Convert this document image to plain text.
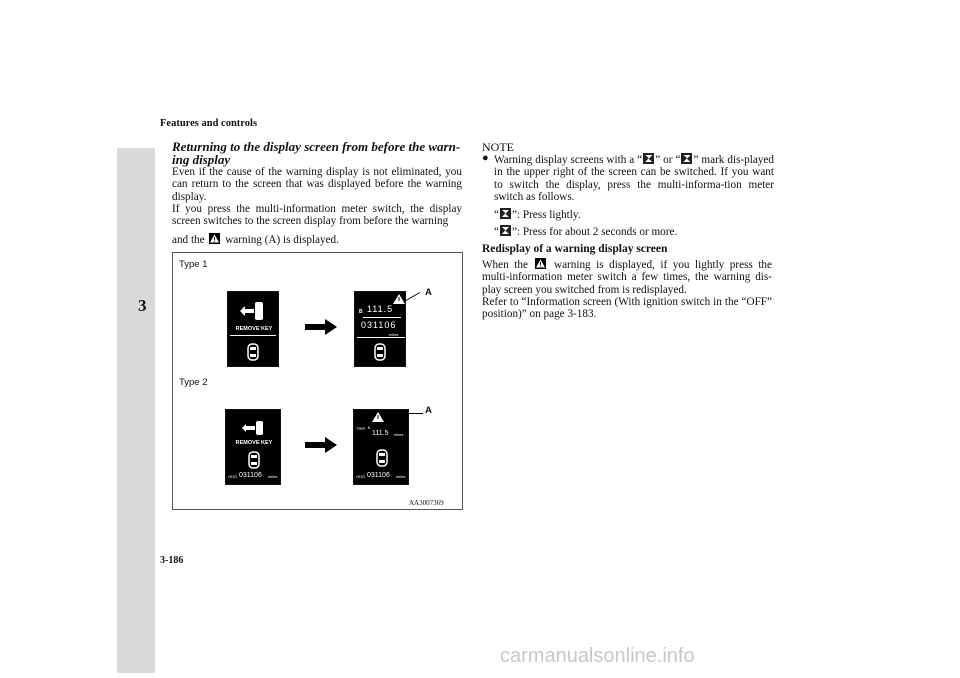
Features and controls
3
Returning to the display screen from before the warn-ing display
Even if the cause of the warning display is not eliminated, you can return to the screen that was displayed before the warning display.
If you press the multi-information meter switch, the display screen switches to the screen display from before the warning
and the warning (A) is displayed.
Type 1
Type 2
REMOVE KEY
B 111.5
031106
miles
A
REMOVE KEY
ODO 031106 miles
TRIP B
111.5 miles
ODO 031106 miles
A
AA3007369
NOTE
● Warning display screens with a “ ” or “ ” mark dis-played in the upper right of the screen can be switched. If you want to switch the display, press the multi-informa-tion meter switch as follows.
“ ”: Press lightly.
“ ”: Press for about 2 seconds or more.
Redisplay of a warning display screen
When the warning is displayed, if you lightly press the multi-information meter switch a few times, the warning dis-play screen you switched from is redisplayed.
Refer to “Information screen (With ignition switch in the “OFF” position)” on page 3-183.
3-186
carmanualsonline.info
